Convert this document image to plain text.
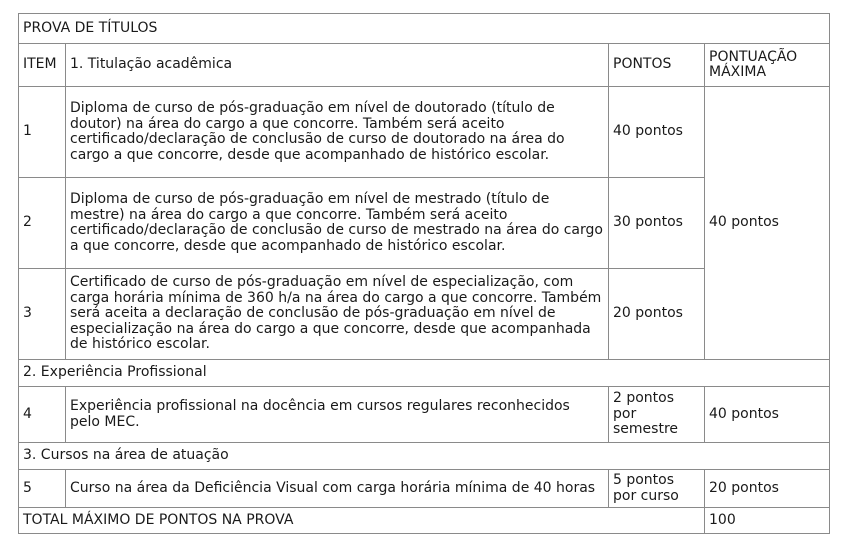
PROVA DE TÍTULOS			
ITEM	1. Titulação acadêmica	PONTOS	PONTUAÇÃO MÁXIMA
1	Diploma de curso de pós-graduação em nível de doutorado (título de doutor) na área do cargo a que concorre. Também será aceito certificado/declaração de conclusão de curso de doutorado na área do cargo a que concorre, desde que acompanhado de histórico escolar.	40 pontos	40 pontos
2	Diploma de curso de pós-graduação em nível de mestrado (título de mestre) na área do cargo a que concorre. Também será aceito certificado/declaração de conclusão de curso de mestrado na área do cargo a que concorre, desde que acompanhado de histórico escolar.	30 pontos	
3	Certificado de curso de pós-graduação em nível de especialização, com carga horária mínima de 360 h/a na área do cargo a que concorre. Também será aceita a declaração de conclusão de pós-graduação em nível de especialização na área do cargo a que concorre, desde que acompanhada de histórico escolar.	20 pontos	
2. Experiência Profissional			
4	Experiência profissional na docência em cursos regulares reconhecidos pelo MEC.	2 pontos por semestre	40 pontos
3. Cursos na área de atuação			
5	Curso na área da Deficiência Visual com carga horária mínima de 40 horas	5 pontos por curso	20 pontos
TOTAL MÁXIMO DE PONTOS NA PROVA			100
